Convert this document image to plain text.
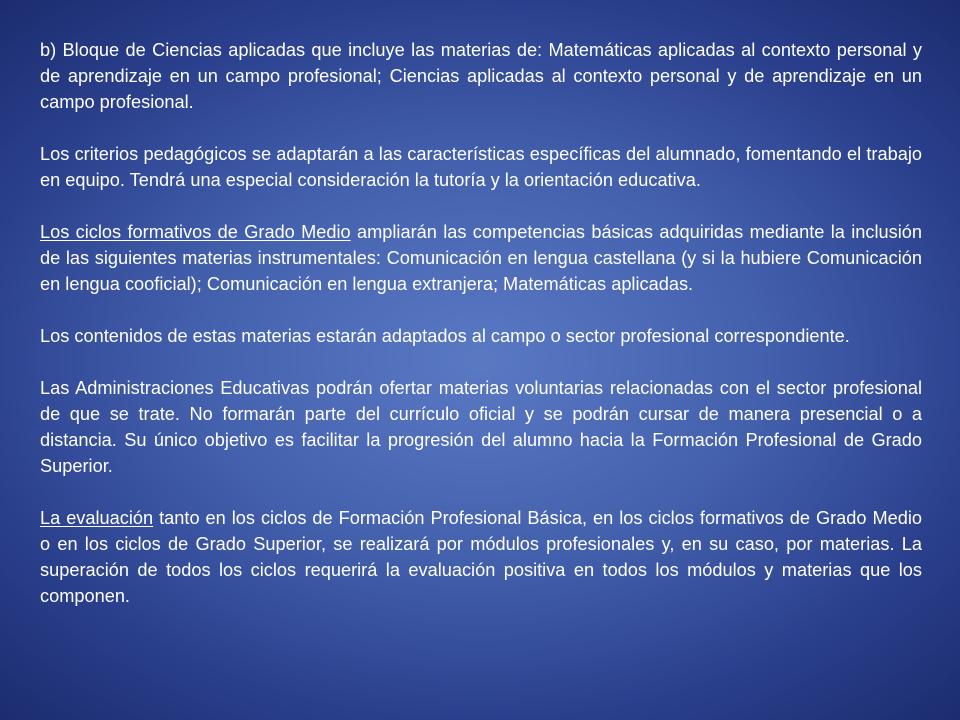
b) Bloque de Ciencias aplicadas que incluye las materias de: Matemáticas aplicadas al contexto personal y de aprendizaje en un campo profesional; Ciencias aplicadas al contexto personal y de aprendizaje en un campo profesional.

Los criterios pedagógicos se adaptarán a las características específicas del alumnado, fomentando el trabajo en equipo. Tendrá una especial consideración la tutoría y la orientación educativa.

Los ciclos formativos de Grado Medio ampliarán las competencias básicas adquiridas mediante la inclusión de las siguientes materias instrumentales: Comunicación en lengua castellana (y si la hubiere Comunicación en lengua cooficial); Comunicación en lengua extranjera; Matemáticas aplicadas.

Los contenidos de estas materias estarán adaptados al campo o sector profesional correspondiente.

Las Administraciones Educativas podrán ofertar materias voluntarias relacionadas con el sector profesional de que se trate. No formarán parte del currículo oficial y se podrán cursar de manera presencial o a distancia. Su único objetivo es facilitar la progresión del alumno hacia la Formación Profesional de Grado Superior.

La evaluación tanto en los ciclos de Formación Profesional Básica, en los ciclos formativos de Grado Medio o en los ciclos de Grado Superior, se realizará por módulos profesionales y, en su caso, por materias. La superación de todos los ciclos requerirá la evaluación positiva en todos los módulos y materias que los componen.
